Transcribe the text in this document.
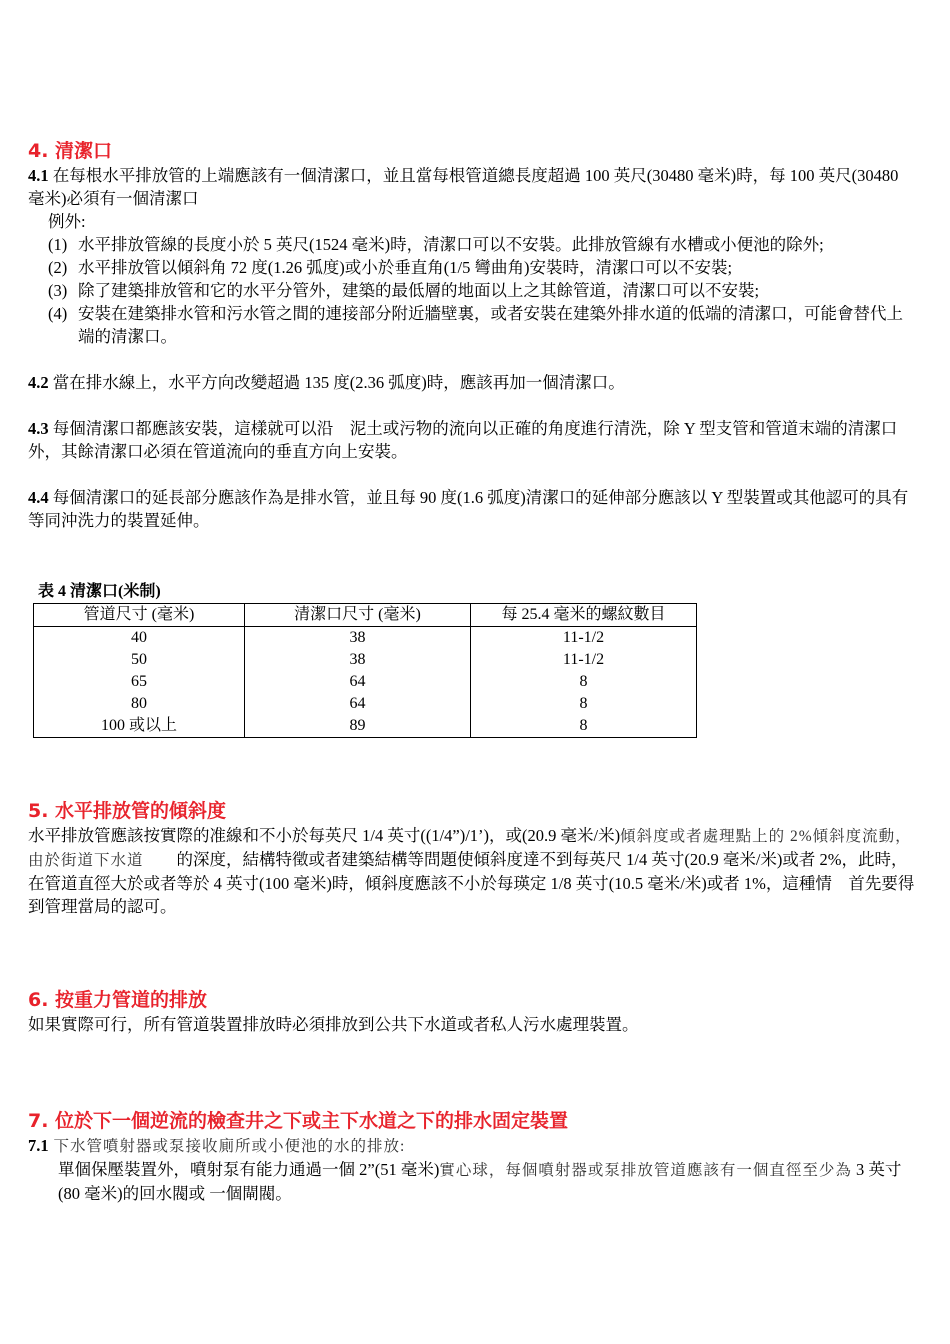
4. 清潔口

4.1 在每根水平排放管的上端應該有一個清潔口，並且當每根管道總長度超過 100 英尺(30480 毫米)時，每 100 英尺(30480 毫米)必須有一個清潔口

例外:

(1) 水平排放管線的長度小於 5 英尺(1524 毫米)時，清潔口可以不安裝。此排放管線有水槽或小便池的除外;
(2) 水平排放管以傾斜角 72 度(1.26 弧度)或小於垂直角(1/5 彎曲角)安裝時，清潔口可以不安裝;
(3) 除了建築排放管和它的水平分管外，建築的最低層的地面以上之其餘管道，清潔口可以不安裝;
(4) 安裝在建築排水管和污水管之間的連接部分附近牆壁裏，或者安裝在建築外排水道的低端的清潔口，可能會替代上端的清潔口。

4.2 當在排水線上，水平方向改變超過 135 度(2.36 弧度)時，應該再加一個清潔口。

4.3 每個清潔口都應該安裝，這樣就可以沿　泥土或污物的流向以正確的角度進行清洗，除 Y 型支管和管道末端的清潔口外，其餘清潔口必須在管道流向的垂直方向上安裝。

4.4 每個清潔口的延長部分應該作為是排水管，並且每 90 度(1.6 弧度)清潔口的延伸部分應該以 Y 型裝置或其他認可的具有等同沖洗力的裝置延伸。

表 4 清潔口(米制)
管道尺寸 (毫米)	清潔口尺寸 (毫米)	每 25.4 毫米的螺紋數目
40	38	11-1/2
50	38	11-1/2
65	64	8
80	64	8
100 或以上	89	8
5. 水平排放管的傾斜度

水平排放管應該按實際的准線和不小於每英尺 1/4 英寸((1/4”)/1’)，或(20.9 毫米/米)傾斜度或者處理點上的 2%傾斜度流動，由於街道下水道　　的深度，結構特徵或者建築結構等問題使傾斜度達不到每英尺 1/4 英寸(20.9 毫米/米)或者 2%，此時，在管道直徑大於或者等於 4 英寸(100 毫米)時，傾斜度應該不小於每瑛定 1/8 英寸(10.5 毫米/米)或者 1%，這種情　首先要得到管理當局的認可。

6. 按重力管道的排放

如果實際可行，所有管道裝置排放時必須排放到公共下水道或者私人污水處理裝置。

7. 位於下一個逆流的檢查井之下或主下水道之下的排水固定裝置

7.1 下水管噴射器或泵接收廁所或小便池的水的排放:

單個保壓裝置外，噴射泵有能力通過一個 2”(51 毫米)實心球，每個噴射器或泵排放管道應該有一個直徑至少為 3 英寸(80 毫米)的回水閥或 一個閘閥。
